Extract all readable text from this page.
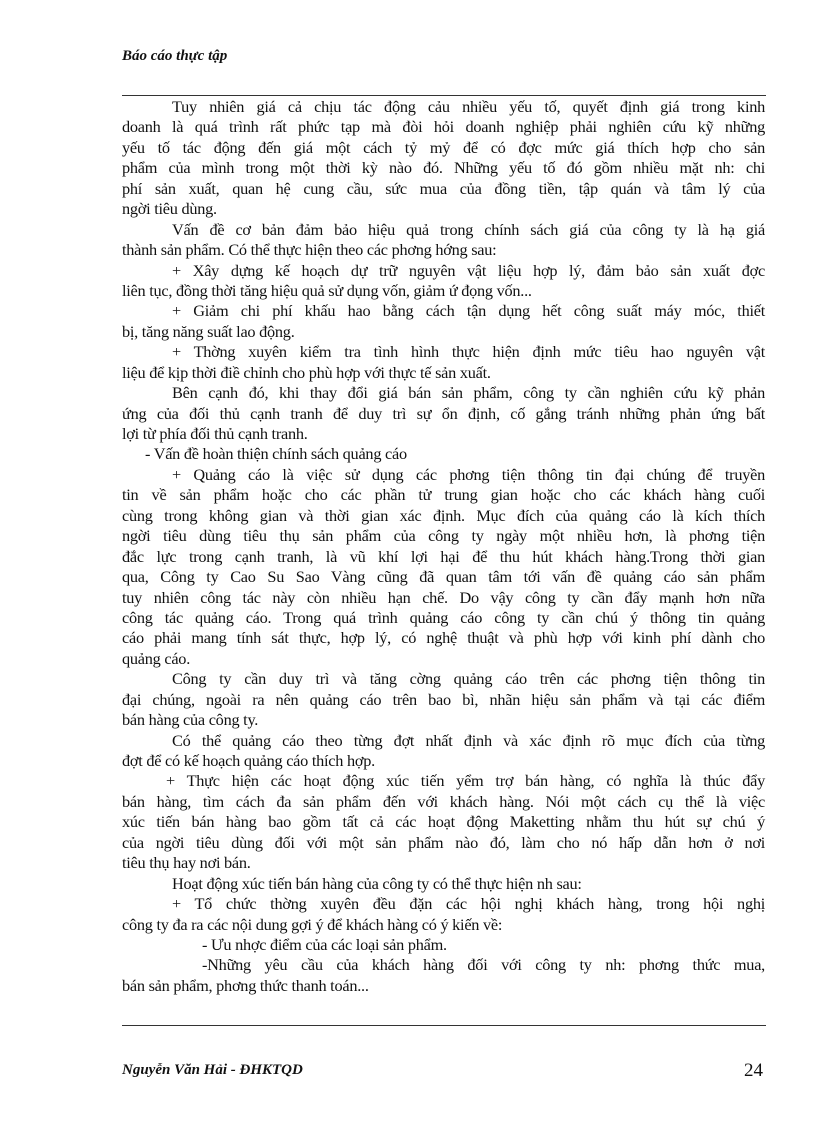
Báo cáo thực tập
Tuy nhiên giá cả chịu tác động cảu nhiều yếu tố, quyết định giá trong kinh
doanh là quá trình rất phức tạp mà đòi hỏi doanh nghiệp phải nghiên cứu kỹ những
yếu tố tác động đến giá một cách tỷ mỷ để có đợc mức giá thích hợp cho sản
phẩm của mình trong một thời kỳ nào đó. Những yếu tố đó gồm nhiều mặt nh: chi
phí sản xuất, quan hệ cung cầu, sức mua của đồng tiền, tập quán và tâm lý của
ngời tiêu dùng.
Vấn đề cơ bản đảm bảo hiệu quả trong chính sách giá của công ty là hạ giá
thành sản phẩm. Có thể thực hiện theo các phơng hớng sau:
+ Xây dựng kế hoạch dự trữ nguyên vật liệu hợp lý, đảm bảo sản xuất đợc
liên tục, đồng thời tăng hiệu quả sử dụng vốn, giảm ứ đọng vốn...
+ Giảm chi phí khấu hao bằng cách tận dụng hết công suất máy móc, thiết
bị, tăng năng suất lao động.
+ Thờng xuyên kiểm tra tình hình thực hiện định mức tiêu hao nguyên vật
liệu để kịp thời điề chỉnh cho phù hợp với thực tế sản xuất.
Bên cạnh đó, khi thay đổi giá bán sản phẩm, công ty cần nghiên cứu kỹ phản
ứng của đối thủ cạnh tranh để duy trì sự ổn định, cố gắng tránh những phản ứng bất
lợi từ phía đối thủ cạnh tranh.
- Vấn đề hoàn thiện chính sách quảng cáo
+ Quảng cáo là việc sử dụng các phơng tiện thông tin đại chúng để truyền
tin về sản phẩm hoặc cho các phần tử trung gian hoặc cho các khách hàng cuối
cùng trong không gian và thời gian xác định. Mục đích của quảng cáo là kích thích
ngời tiêu dùng tiêu thụ sản phẩm của công ty ngày một nhiều hơn, là phơng tiện
đắc lực trong cạnh tranh, là vũ khí lợi hại để thu hút khách hàng.Trong thời gian
qua, Công ty Cao Su Sao Vàng cũng đã quan tâm tới vấn đề quảng cáo sản phẩm
tuy nhiên công tác này còn nhiều hạn chế. Do vậy công ty cần đẩy mạnh hơn nữa
công tác quảng cáo. Trong quá trình quảng cáo công ty cần chú ý thông tin quảng
cáo phải mang tính sát thực, hợp lý, có nghệ thuật và phù hợp với kinh phí dành cho
quảng cáo.
Công ty cần duy trì và tăng cờng quảng cáo trên các phơng tiện thông tin
đại chúng, ngoài ra nên quảng cáo trên bao bì, nhãn hiệu sản phẩm và tại các điểm
bán hàng của công ty.
Có thể quảng cáo theo từng đợt nhất định và xác định rõ mục đích của từng
đợt để có kế hoạch quảng cáo thích hợp.
+ Thực hiện các hoạt động xúc tiến yểm trợ bán hàng, có nghĩa là thúc đẩy
bán hàng, tìm cách đa sản phẩm đến với khách hàng. Nói một cách cụ thể là việc
xúc tiến bán hàng bao gồm tất cả các hoạt động Maketting nhằm thu hút sự chú ý
của ngời tiêu dùng đối với một sản phẩm nào đó, làm cho nó hấp dẫn hơn ở nơi
tiêu thụ hay nơi bán.
Hoạt động xúc tiến bán hàng của công ty có thể thực hiện nh sau:
+ Tổ chức thờng xuyên đều đặn các hội nghị khách hàng, trong hội nghị
công ty đa ra các nội dung gợi ý để khách hàng có ý kiến về:
- Ưu nhợc điểm của các loại sản phẩm.
-Những yêu cầu của khách hàng đối với công ty nh: phơng thức mua,
bán sản phẩm, phơng thức thanh toán...
Nguyễn Văn Hải - ĐHKTQD	24
